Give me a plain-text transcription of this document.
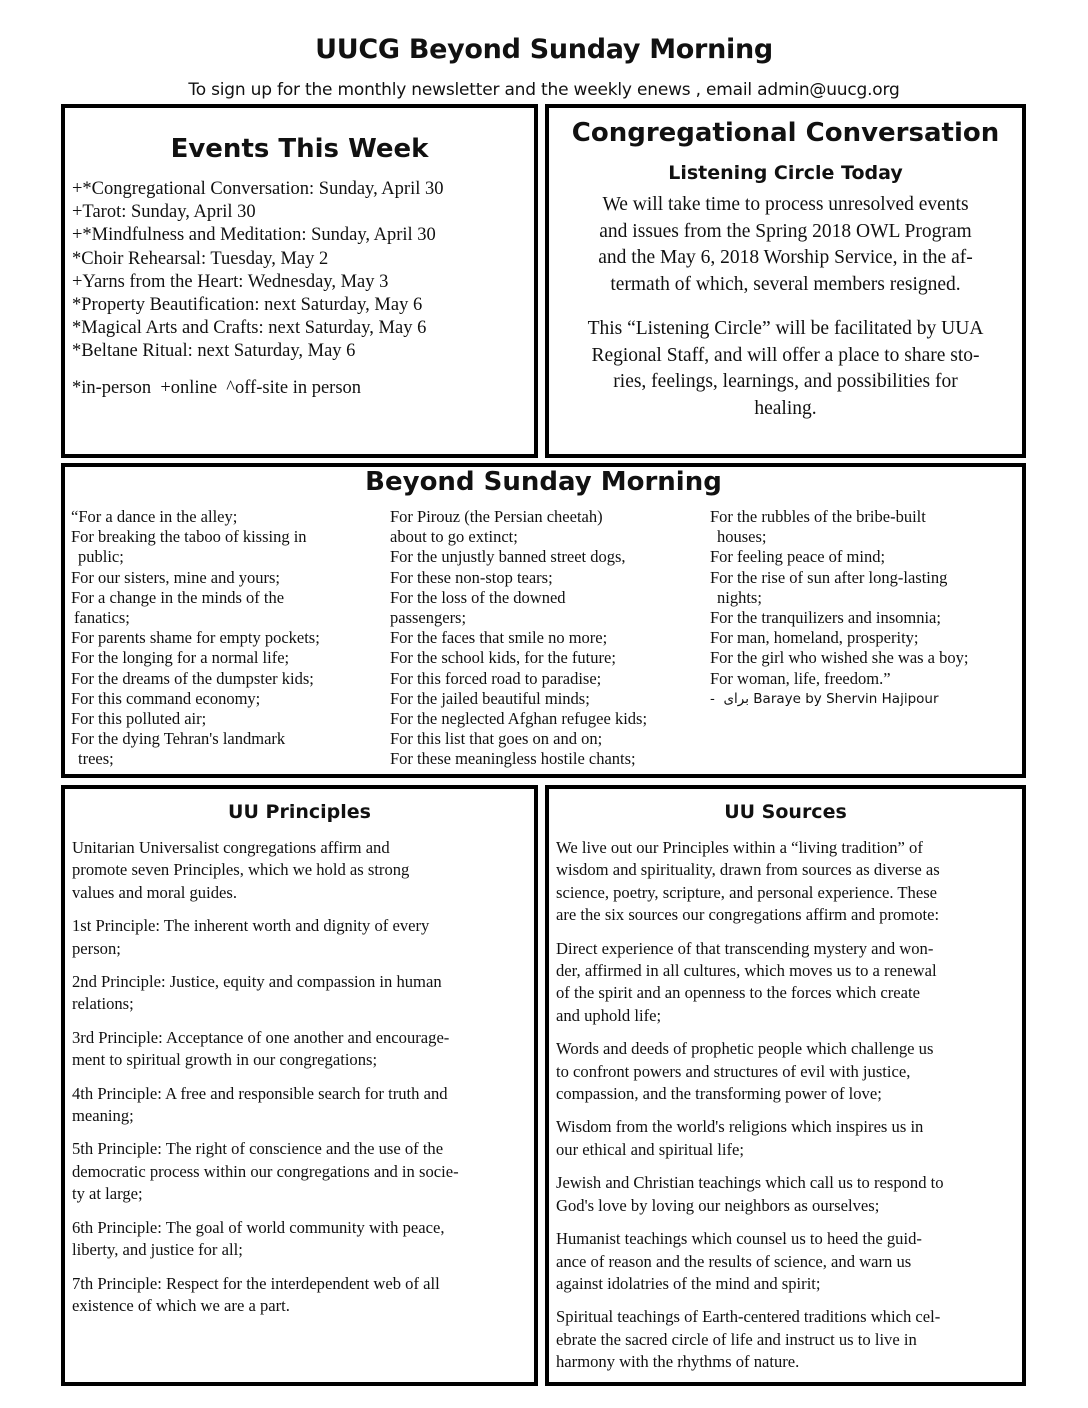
UUCG Beyond Sunday Morning
To sign up for the monthly newsletter and the weekly enews , email admin@uucg.org
Events This Week
+*Congregational Conversation: Sunday, April 30
+Tarot: Sunday, April 30
+*Mindfulness and Meditation: Sunday, April 30
*Choir Rehearsal: Tuesday, May 2
+Yarns from the Heart: Wednesday, May 3
*Property Beautification: next Saturday, May 6
*Magical Arts and Crafts: next Saturday, May 6
*Beltane Ritual: next Saturday, May 6
*in-person  +online  ^off-site in person
Congregational Conversation
Listening Circle Today
We will take time to process unresolved events
and issues from the Spring 2018 OWL Program
and the May 6, 2018 Worship Service, in the af-
termath of which, several members resigned.
This “Listening Circle” will be facilitated by UUA
Regional Staff, and will offer a place to share sto-
ries, feelings, learnings, and possibilities for
healing.
Beyond Sunday Morning
“For a dance in the alley;
For breaking the taboo of kissing in
public;
For our sisters, mine and yours;
For a change in the minds of the
fanatics;
For parents shame for empty pockets;
For the longing for a normal life;
For the dreams of the dumpster kids;
For this command economy;
For this polluted air;
For the dying Tehran's landmark
trees;
For Pirouz (the Persian cheetah)
about to go extinct;
For the unjustly banned street dogs,
For these non-stop tears;
For the loss of the downed
passengers;
For the faces that smile no more;
For the school kids, for the future;
For this forced road to paradise;
For the jailed beautiful minds;
For the neglected Afghan refugee kids;
For this list that goes on and on;
For these meaningless hostile chants;
For the rubbles of the bribe-built
houses;
For feeling peace of mind;
For the rise of sun after long-lasting
nights;
For the tranquilizers and insomnia;
For man, homeland, prosperity;
For the girl who wished she was a boy;
For woman, life, freedom.”
-  برای Baraye by Shervin Hajipour
UU Principles

Unitarian Universalist congregations affirm and
promote seven Principles, which we hold as strong
values and moral guides.

1st Principle: The inherent worth and dignity of every
person;

2nd Principle: Justice, equity and compassion in human
relations;

3rd Principle: Acceptance of one another and encourage-
ment to spiritual growth in our congregations;

4th Principle: A free and responsible search for truth and
meaning;

5th Principle: The right of conscience and the use of the
democratic process within our congregations and in socie-
ty at large;

6th Principle: The goal of world community with peace,
liberty, and justice for all;

7th Principle: Respect for the interdependent web of all
existence of which we are a part.

UU Sources

We live out our Principles within a “living tradition” of
wisdom and spirituality, drawn from sources as diverse as
science, poetry, scripture, and personal experience. These
are the six sources our congregations affirm and promote:

Direct experience of that transcending mystery and won-
der, affirmed in all cultures, which moves us to a renewal
of the spirit and an openness to the forces which create
and uphold life;

Words and deeds of prophetic people which challenge us
to confront powers and structures of evil with justice,
compassion, and the transforming power of love;

Wisdom from the world's religions which inspires us in
our ethical and spiritual life;

Jewish and Christian teachings which call us to respond to
God's love by loving our neighbors as ourselves;

Humanist teachings which counsel us to heed the guid-
ance of reason and the results of science, and warn us
against idolatries of the mind and spirit;

Spiritual teachings of Earth-centered traditions which cel-
ebrate the sacred circle of life and instruct us to live in
harmony with the rhythms of nature.
